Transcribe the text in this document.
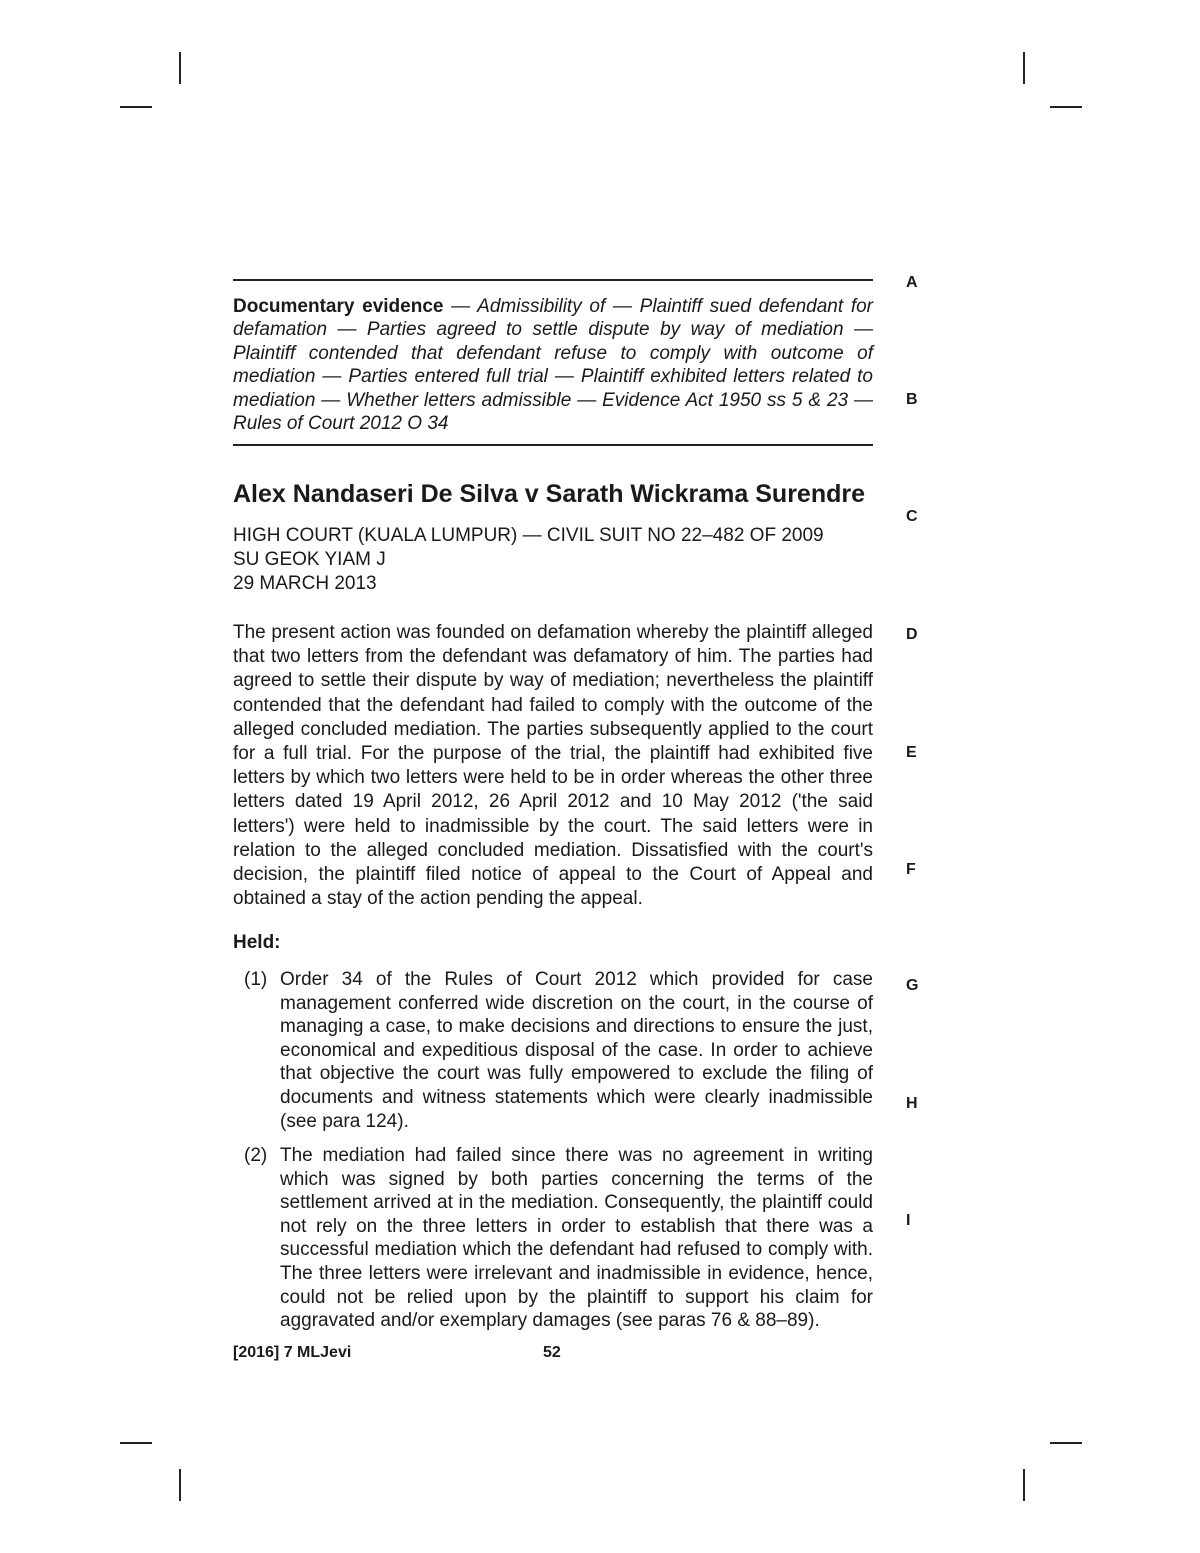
Documentary evidence — Admissibility of — Plaintiff sued defendant for defamation — Parties agreed to settle dispute by way of mediation — Plaintiff contended that defendant refuse to comply with outcome of mediation — Parties entered full trial — Plaintiff exhibited letters related to mediation — Whether letters admissible — Evidence Act 1950 ss 5 & 23 — Rules of Court 2012 O 34
Alex Nandaseri De Silva v Sarath Wickrama Surendre
HIGH COURT (KUALA LUMPUR) — CIVIL SUIT NO 22–482 OF 2009
SU GEOK YIAM J
29 MARCH 2013
The present action was founded on defamation whereby the plaintiff alleged that two letters from the defendant was defamatory of him. The parties had agreed to settle their dispute by way of mediation; nevertheless the plaintiff contended that the defendant had failed to comply with the outcome of the alleged concluded mediation. The parties subsequently applied to the court for a full trial. For the purpose of the trial, the plaintiff had exhibited five letters by which two letters were held to be in order whereas the other three letters dated 19 April 2012, 26 April 2012 and 10 May 2012 ('the said letters') were held to inadmissible by the court. The said letters were in relation to the alleged concluded mediation. Dissatisfied with the court's decision, the plaintiff filed notice of appeal to the Court of Appeal and obtained a stay of the action pending the appeal.
Held:
(1) Order 34 of the Rules of Court 2012 which provided for case management conferred wide discretion on the court, in the course of managing a case, to make decisions and directions to ensure the just, economical and expeditious disposal of the case. In order to achieve that objective the court was fully empowered to exclude the filing of documents and witness statements which were clearly inadmissible (see para 124).
(2) The mediation had failed since there was no agreement in writing which was signed by both parties concerning the terms of the settlement arrived at in the mediation. Consequently, the plaintiff could not rely on the three letters in order to establish that there was a successful mediation which the defendant had refused to comply with. The three letters were irrelevant and inadmissible in evidence, hence, could not be relied upon by the plaintiff to support his claim for aggravated and/or exemplary damages (see paras 76 & 88–89).
A
B
C
D
E
F
G
H
I
[2016] 7 MLJevi	52
